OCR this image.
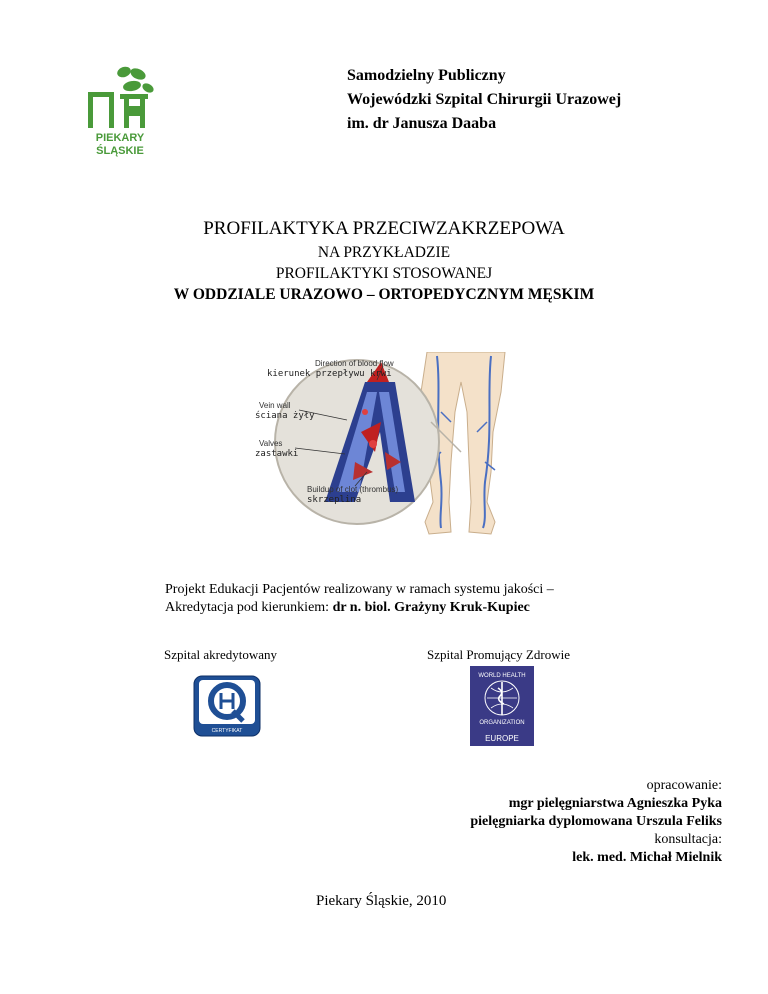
PIEKARY
ŚLĄSKIE
Samodzielny Publiczny
Wojewódzki Szpital Chirurgii Urazowej
im. dr Janusza Daaba

PROFILAKTYKA PRZECIWZAKRZEPOWA

NA PRZYKŁADZIE

PROFILAKTYKI STOSOWANEJ

W ODDZIALE URAZOWO – ORTOPEDYCZNYM MĘSKIM

Direction of blood flow
kierunek przepływu krwi
Vein wall
ściana żyły
Valves
zastawki
Buildup of clot (thrombus)
skrzeplina
Projekt Edukacji Pacjentów realizowany w ramach systemu jakości –
Akredytacja pod kierunkiem: dr n. biol. Grażyny Kruk-Kupiec
Szpital akredytowany	Szpital Promujący Zdrowie
CERTYFIKAT
WORLD HEALTH
ORGANIZATION
EUROPE
opracowanie:
mgr pielęgniarstwa Agnieszka Pyka
pielęgniarka dyplomowana Urszula Feliks
konsultacja:
lek. med. Michał Mielnik
Piekary Śląskie, 2010
